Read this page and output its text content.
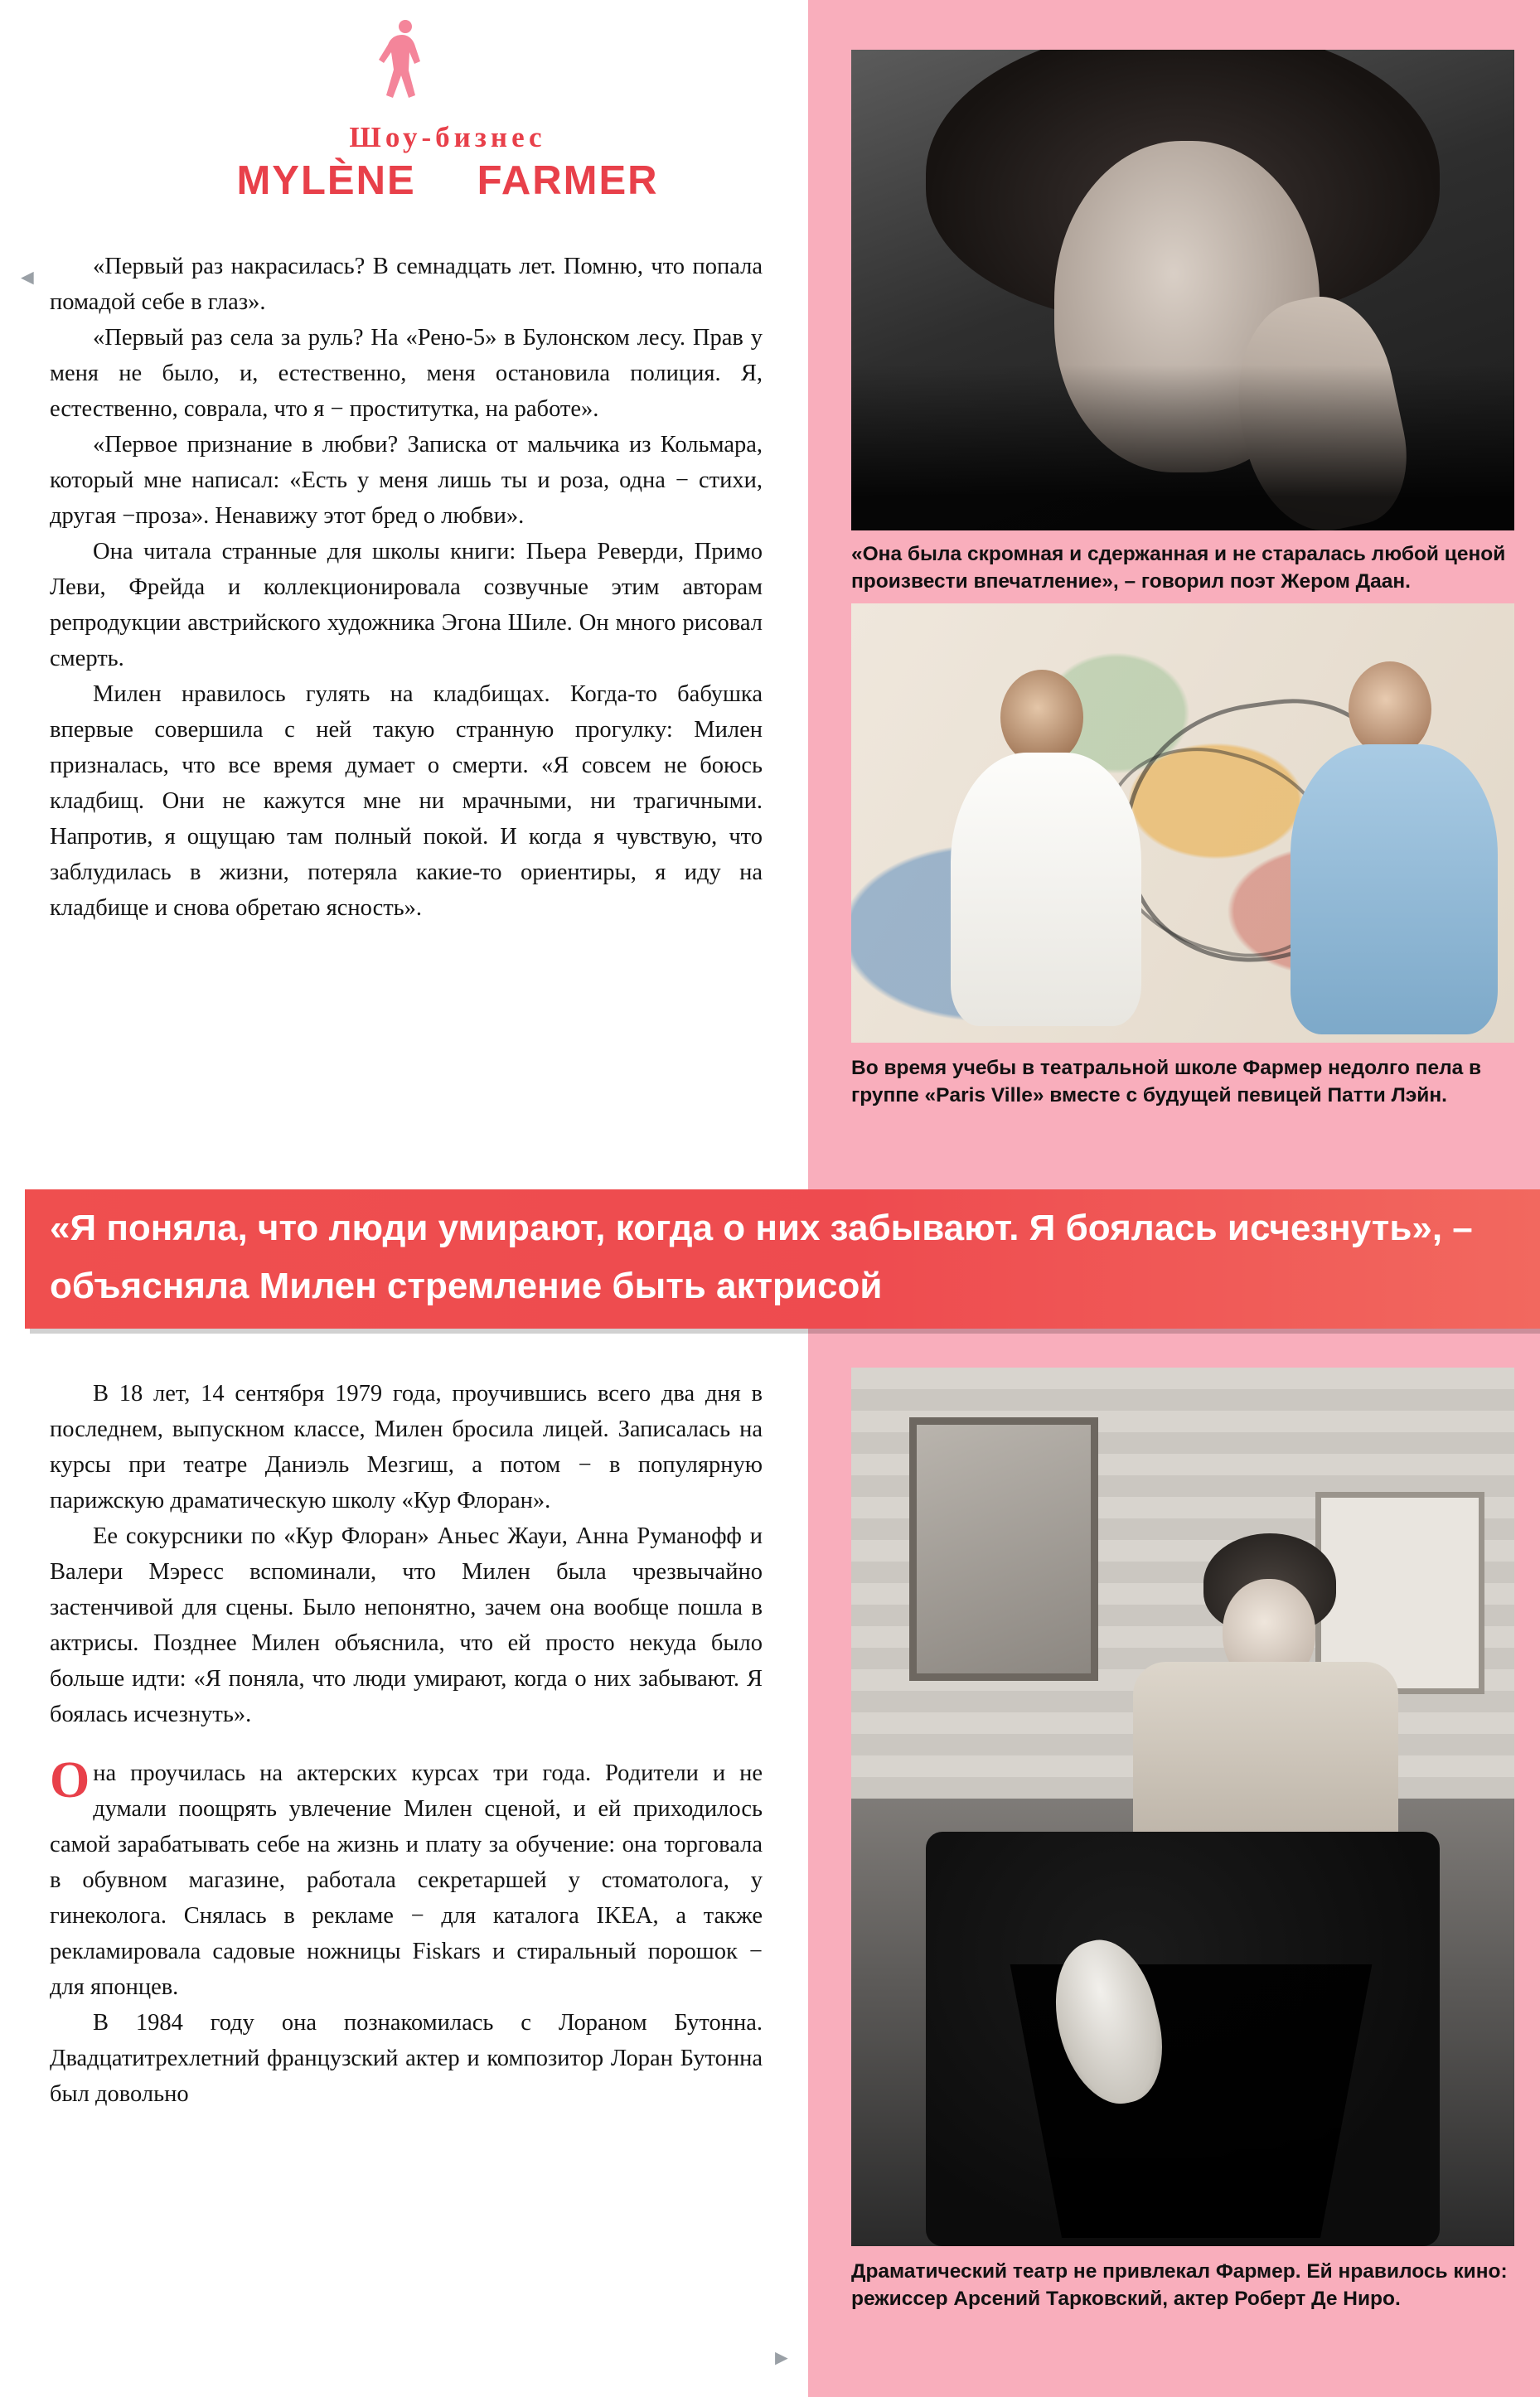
Шоу-бизнес
MYLÈNE FARMER
◄	«Первый раз накрасилась? В семнадцать лет. Помню, что попала помадой себе в глаз».

«Первый раз села за руль? На «Рено-5» в Булонском лесу. Прав у меня не было, и, естественно, меня остановила полиция. Я, естественно, соврала, что я − проститутка, на работе».

«Первое признание в любви? Записка от мальчика из Кольмара, который мне написал: «Есть у меня лишь ты и роза, одна − стихи, другая −проза». Ненавижу этот бред о любви».

Она читала странные для школы книги: Пьера Реверди, Примо Леви, Фрейда и коллекционировала созвучные этим авторам репродукции австрийского художника Эгона Шиле. Он много рисовал смерть.

Милен нравилось гулять на кладбищах. Когда-то бабушка впервые совершила с ней такую странную прогулку: Милен призналась, что все время думает о смерти. «Я совсем не боюсь кладбищ. Они не кажутся мне ни мрачными, ни трагичными. Напротив, я ощущаю там полный покой. И когда я чувствую, что заблудилась в жизни, потеряла какие-то ориентиры, я иду на кладбище и снова обретаю ясность».

«Она была скромная и сдержанная и не старалась любой ценой произвести впечатление», – говорил поэт Жером Даан.
Во время учебы в театральной школе Фармер недолго пела в группе «Paris Ville» вместе с будущей певицей Патти Лэйн.
«Я поняла, что люди умирают, когда о них забывают. Я боялась исчезнуть», – объясняла Милен стремление быть актрисой

В 18 лет, 14 сентября 1979 года, проучившись всего два дня в последнем, выпускном классе, Милен бросила лицей. Записалась на курсы при театре Даниэль Мезгиш, а потом − в популярную парижскую драматическую школу «Кур Флоран».

Ее сокурсники по «Кур Флоран» Аньес Жауи, Анна Руманофф и Валери Мэресс вспоминали, что Милен была чрезвычайно застенчивой для сцены. Было непонятно, зачем она вообще пошла в актрисы. Позднее Милен объяснила, что ей просто некуда было больше идти: «Я поняла, что люди умирают, когда о них забывают. Я боялась исчезнуть».

Она проучилась на актерских курсах три года. Родители и не думали поощрять увлечение Милен сценой, и ей приходилось самой зарабатывать себе на жизнь и плату за обучение: она торговала в обувном магазине, работала секретаршей у стоматолога, у гинеколога. Снялась в рекламе − для каталога IKEA, а также рекламировала садовые ножницы Fiskars и стиральный порошок − для японцев.

В 1984 году она познакомилась с Лораном Бутонна. Двадцатитрехлетний французский актер и композитор Лоран Бутонна был довольно

►
Драматический театр не привлекал Фармер. Ей нравилось кино: режиссер Арсений Тарковский, актер Роберт Де Ниро.
